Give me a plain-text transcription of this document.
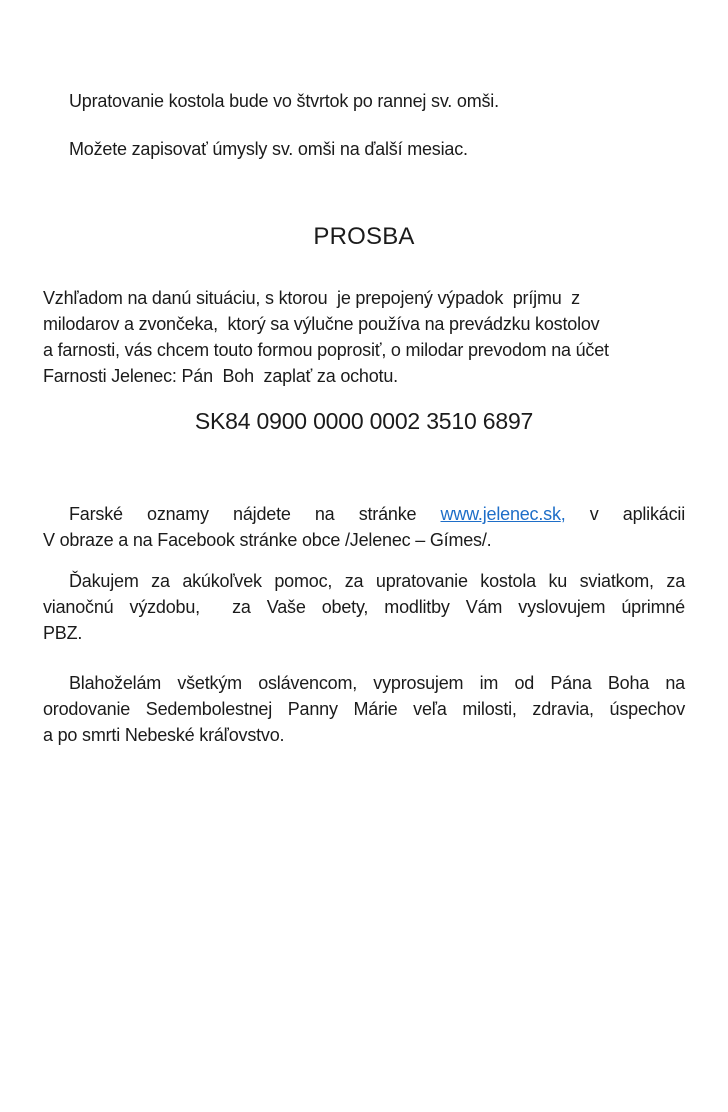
Upratovanie kostola bude vo štvrtok po rannej sv. omši.

Možete zapisovať úmysly sv. omši na ďalší mesiac.

PROSBA
Vzhľadom na danú situáciu, s ktorou  je prepojený výpadok  príjmu  z
milodarov a zvončeka,  ktorý sa výlučne používa na prevádzku kostolov
a farnosti, vás chcem touto formou poprosiť, o milodar prevodom na účet
Farnosti Jelenec: Pán  Boh  zaplať za ochotu.

SK84 0900 0000 0002 3510 6897

Farské oznamy nájdete na stránke www.jelenec.sk, v aplikácii
V obraze a na Facebook stránke obce /Jelenec – Gímes/.
Ďakujem za akúkoľvek pomoc, za upratovanie kostola ku sviatkom, za
vianočnú výzdobu,  za Vaše obety, modlitby Vám vyslovujem úprimné
PBZ.
Blahoželám všetkým oslávencom, vyprosujem im od Pána Boha na
orodovanie Sedembolestnej Panny Márie veľa milosti, zdravia, úspechov
a po smrti Nebeské kráľovstvo.
